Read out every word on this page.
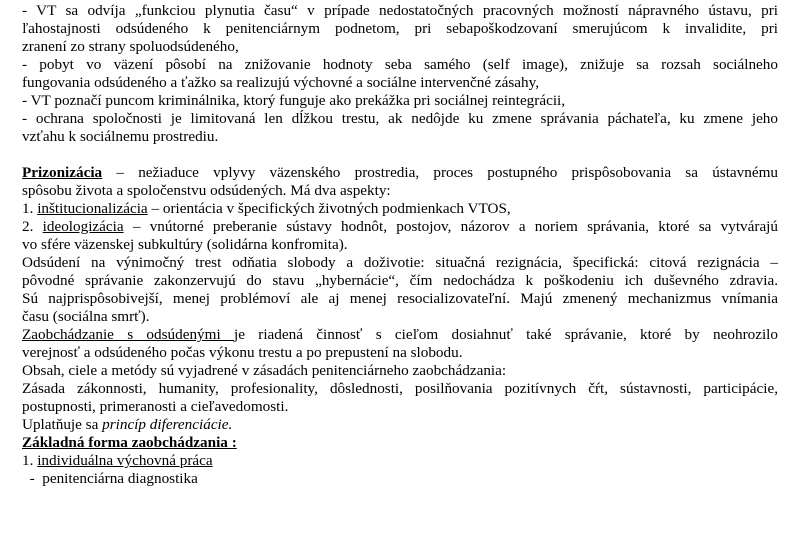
- VT sa odvíja „funkciou plynutia času“ v prípade nedostatočných pracovných možností nápravného ústavu, pri
ľahostajnosti odsúdeného k penitenciárnym podnetom, pri sebapoškodzovaní smerujúcom k invalidite, pri
zranení zo strany spoluodsúdeného,
- pobyt vo väzení pôsobí na znižovanie hodnoty seba samého (self image), znižuje sa rozsah sociálneho
fungovania odsúdeného a ťažko sa realizujú výchovné a sociálne intervenčné zásahy,
- VT poznačí puncom kriminálnika, ktorý funguje ako prekážka pri sociálnej reintegrácii,
- ochrana spoločnosti je limitovaná len dĺžkou trestu, ak nedôjde ku zmene správania páchateľa, ku zmene jeho
vzťahu k sociálnemu prostrediu.
Prizonizácia – nežiaduce vplyvy väzenského prostredia, proces postupného prispôsobovania sa ústavnému
spôsobu života a spoločenstvu odsúdených. Má dva aspekty:
1. inštitucionalizácia – orientácia v špecifických životných podmienkach VTOS,
2. ideologizácia – vnútorné preberanie sústavy hodnôt, postojov, názorov a noriem správania, ktoré sa vytvárajú
vo sfére väzenskej subkultúry (solidárna konfromita).
Odsúdení na výnimočný trest odňatia slobody a doživotie: situačná rezignácia, špecifická: citová rezignácia –
pôvodné správanie zakonzervujú do stavu „hybernácie“, čím nedochádza k poškodeniu ich duševného zdravia.
Sú najprispôsobivejší, menej problémoví ale aj menej resocializovateľní. Majú zmenený mechanizmus vnímania
času (sociálna smrť).
Zaobchádzanie s odsúdenými je riadená činnosť s cieľom dosiahnuť také správanie, ktoré by neohrozilo
verejnosť a odsúdeného počas výkonu trestu a po prepustení na slobodu.
Obsah, ciele a metódy sú vyjadrené v zásadách penitenciárneho zaobchádzania:
Zásada zákonnosti, humanity, profesionality, dôslednosti, posilňovania pozitívnych čŕt, sústavnosti, participácie,
postupnosti, primeranosti a cieľavedomosti.
Uplatňuje sa princíp diferenciácie.
Základná forma zaobchádzania :
1. individuálna výchovná práca
-  penitenciárna diagnostika
